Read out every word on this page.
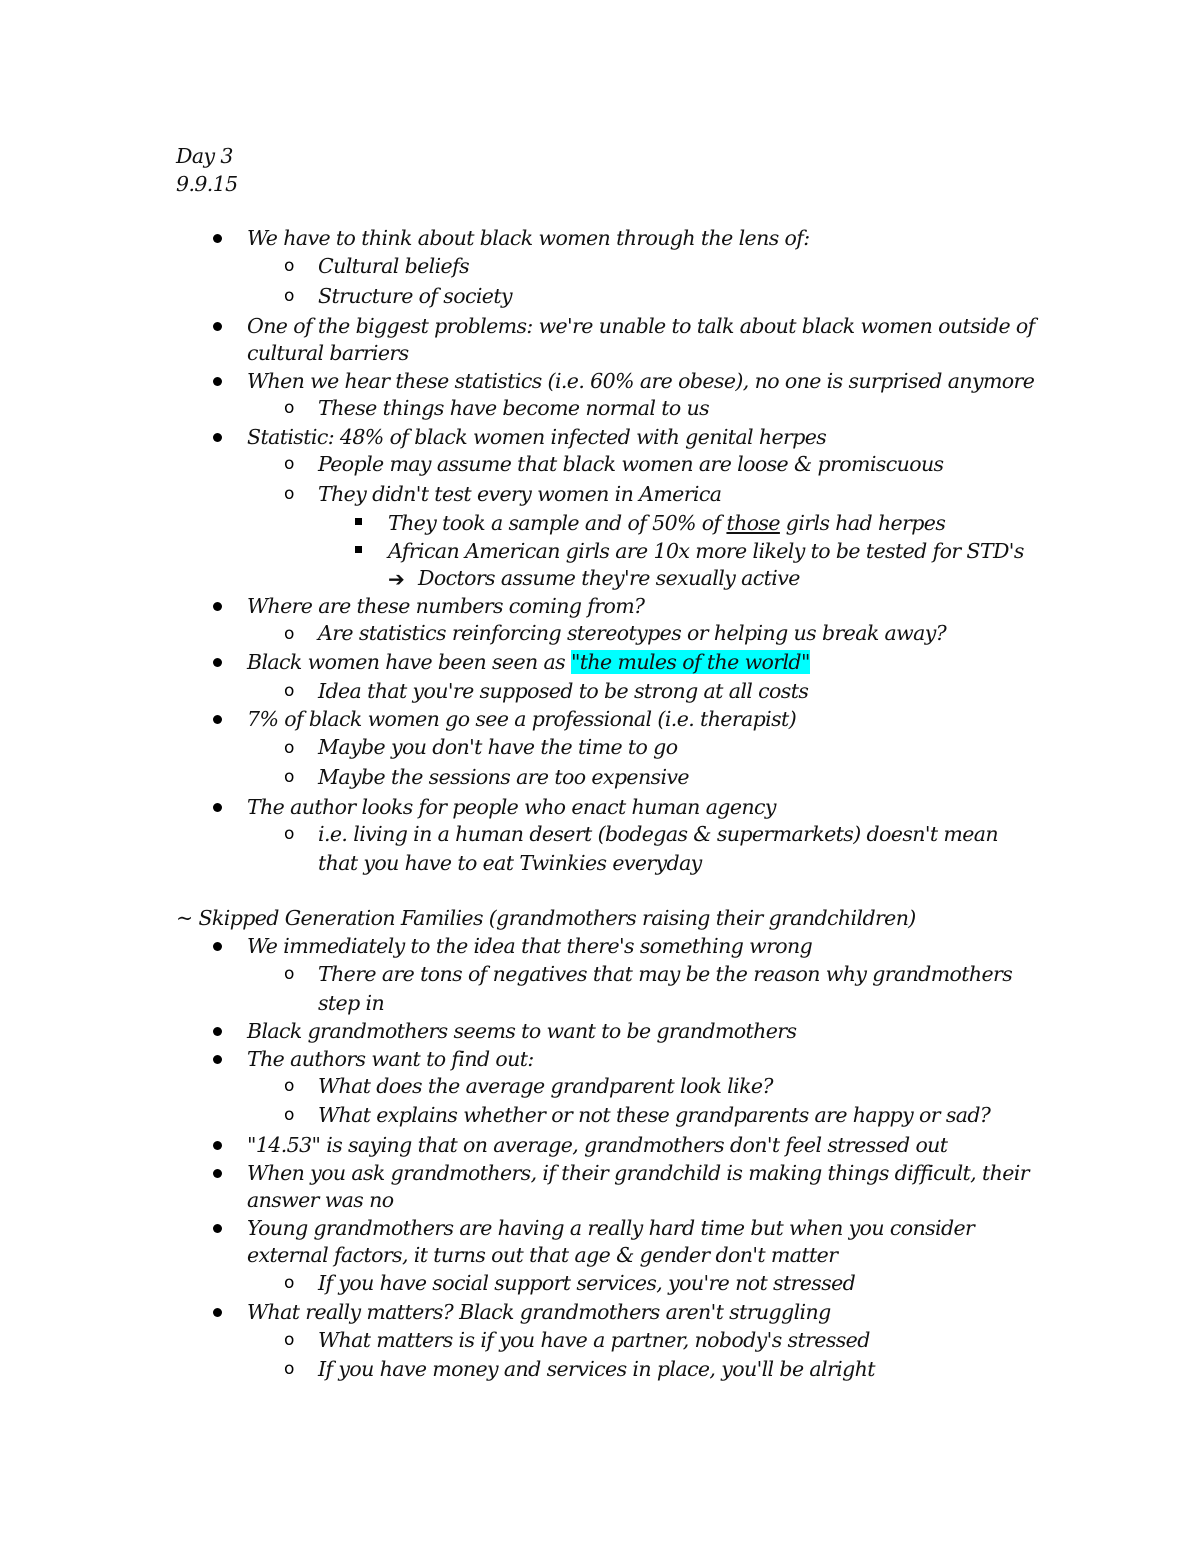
Day 3
9.9.15
We have to think about black women through the lens of:
o Cultural beliefs
o Structure of society
One of the biggest problems: we're unable to talk about black women outside of
cultural barriers
When we hear these statistics (i.e. 60% are obese), no one is surprised anymore
o These things have become normal to us
Statistic: 48% of black women infected with genital herpes
o People may assume that black women are loose & promiscuous
o They didn't test every women in America
They took a sample and of 50% of those girls had herpes
African American girls are 10x more likely to be tested for STD's
➔ Doctors assume they're sexually active
Where are these numbers coming from?
o Are statistics reinforcing stereotypes or helping us break away?
Black women have been seen as "the mules of the world"
o Idea that you're supposed to be strong at all costs
7% of black women go see a professional (i.e. therapist)
o Maybe you don't have the time to go
o Maybe the sessions are too expensive
The author looks for people who enact human agency
o i.e. living in a human desert (bodegas & supermarkets) doesn't mean
that you have to eat Twinkies everyday
~ Skipped Generation Families (grandmothers raising their grandchildren)
We immediately to the idea that there's something wrong
o There are tons of negatives that may be the reason why grandmothers
step in
Black grandmothers seems to want to be grandmothers
The authors want to find out:
o What does the average grandparent look like?
o What explains whether or not these grandparents are happy or sad?
"14.53" is saying that on average, grandmothers don't feel stressed out
When you ask grandmothers, if their grandchild is making things difficult, their
answer was no
Young grandmothers are having a really hard time but when you consider
external factors, it turns out that age & gender don't matter
o If you have social support services, you're not stressed
What really matters? Black grandmothers aren't struggling
o What matters is if you have a partner, nobody's stressed
o If you have money and services in place, you'll be alright
